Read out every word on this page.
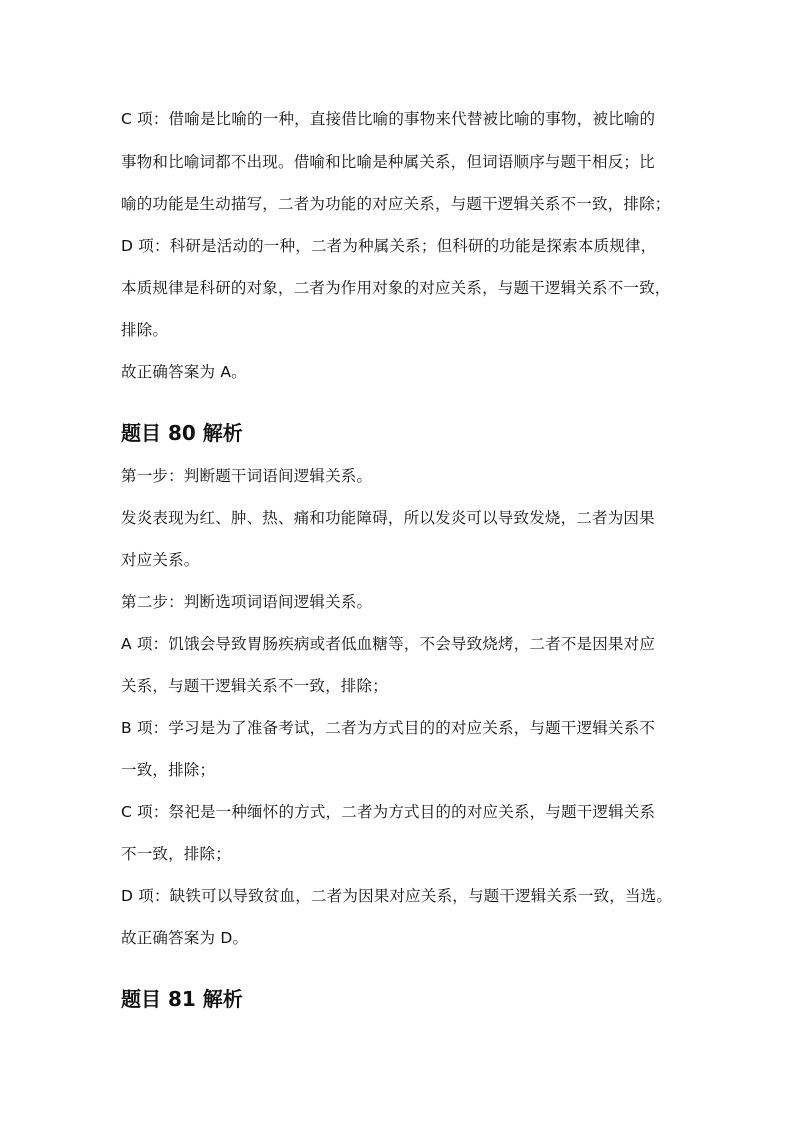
C 项：借喻是比喻的一种，直接借比喻的事物来代替被比喻的事物，被比喻的
事物和比喻词都不出现。借喻和比喻是种属关系，但词语顺序与题干相反；比
喻的功能是生动描写，二者为功能的对应关系，与题干逻辑关系不一致，排除；
D 项：科研是活动的一种，二者为种属关系；但科研的功能是探索本质规律，
本质规律是科研的对象，二者为作用对象的对应关系，与题干逻辑关系不一致，
排除。
故正确答案为 A。
题目 80 解析
第一步：判断题干词语间逻辑关系。
发炎表现为红、肿、热、痛和功能障碍，所以发炎可以导致发烧，二者为因果
对应关系。
第二步：判断选项词语间逻辑关系。
A 项：饥饿会导致胃肠疾病或者低血糖等，不会导致烧烤，二者不是因果对应
关系，与题干逻辑关系不一致，排除；
B 项：学习是为了准备考试，二者为方式目的的对应关系，与题干逻辑关系不
一致，排除；
C 项：祭祀是一种缅怀的方式，二者为方式目的的对应关系，与题干逻辑关系
不一致，排除；
D 项：缺铁可以导致贫血，二者为因果对应关系，与题干逻辑关系一致，当选。
故正确答案为 D。
题目 81 解析
